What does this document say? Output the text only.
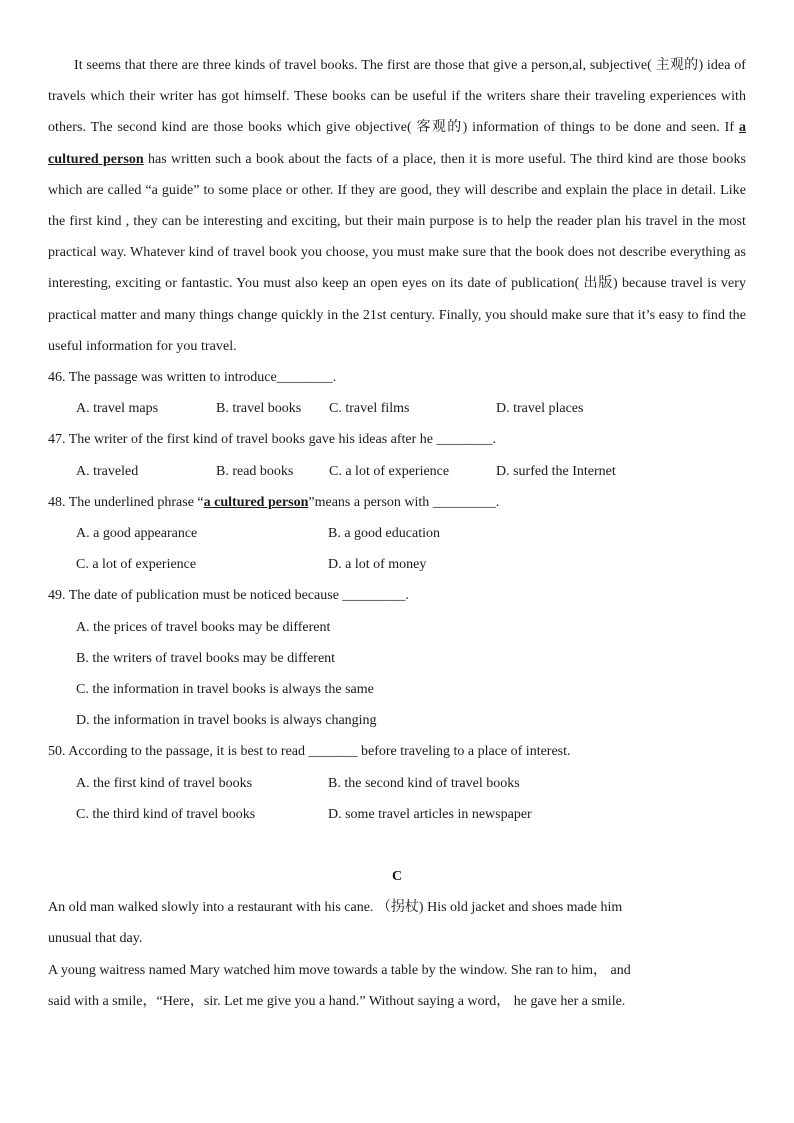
It seems that there are three kinds of travel books. The first are those that give a person,al, subjective( 主观的) idea of travels which their writer has got himself. These books can be useful if the writers share their traveling experiences with others. The second kind are those books which give objective( 客观的) information of things to be done and seen. If a cultured person has written such a book about the facts of a place, then it is more useful. The third kind are those books which are called “a guide” to some place or other. If they are good, they will describe and explain the place in detail. Like the first kind , they can be interesting and exciting, but their main purpose is to help the reader plan his travel in the most practical way. Whatever kind of travel book you choose, you must make sure that the book does not describe everything as interesting, exciting or fantastic. You must also keep an open eyes on its date of publication( 出版) because travel is very practical matter and many things change quickly in the 21st century. Finally, you should make sure that it’s easy to find the useful information for you travel.

46. The passage was written to introduce________.

A. travel maps	B. travel books C. travel films	D. travel places

47. The writer of the first kind of travel books gave his ideas after he ________.

A. traveled	B. read books	C. a lot of experience	D. surfed the Internet

48. The underlined phrase “a cultured person”means a person with _________.

A. a good appearance	B. a good education

C. a lot of experience	D. a lot of money

49. The date of publication must be noticed because _________.

A. the prices of travel books may be different

B. the writers of travel books may be different

C. the information in travel books is always the same

D. the information in travel books is always changing

50. According to the passage, it is best to read _______ before traveling to a place of interest.

A. the first kind of travel books	B. the second kind of travel books

C. the third kind of travel books	D. some travel articles in newspaper

C

An old man walked slowly into a restaurant with his cane. （拐杖) His old jacket and shoes made him

unusual that day.

A young waitress named Mary watched him move towards a table by the window. She ran to him， and

said with a smile，“Here，sir. Let me give you a hand.” Without saying a word， he gave her a smile.
